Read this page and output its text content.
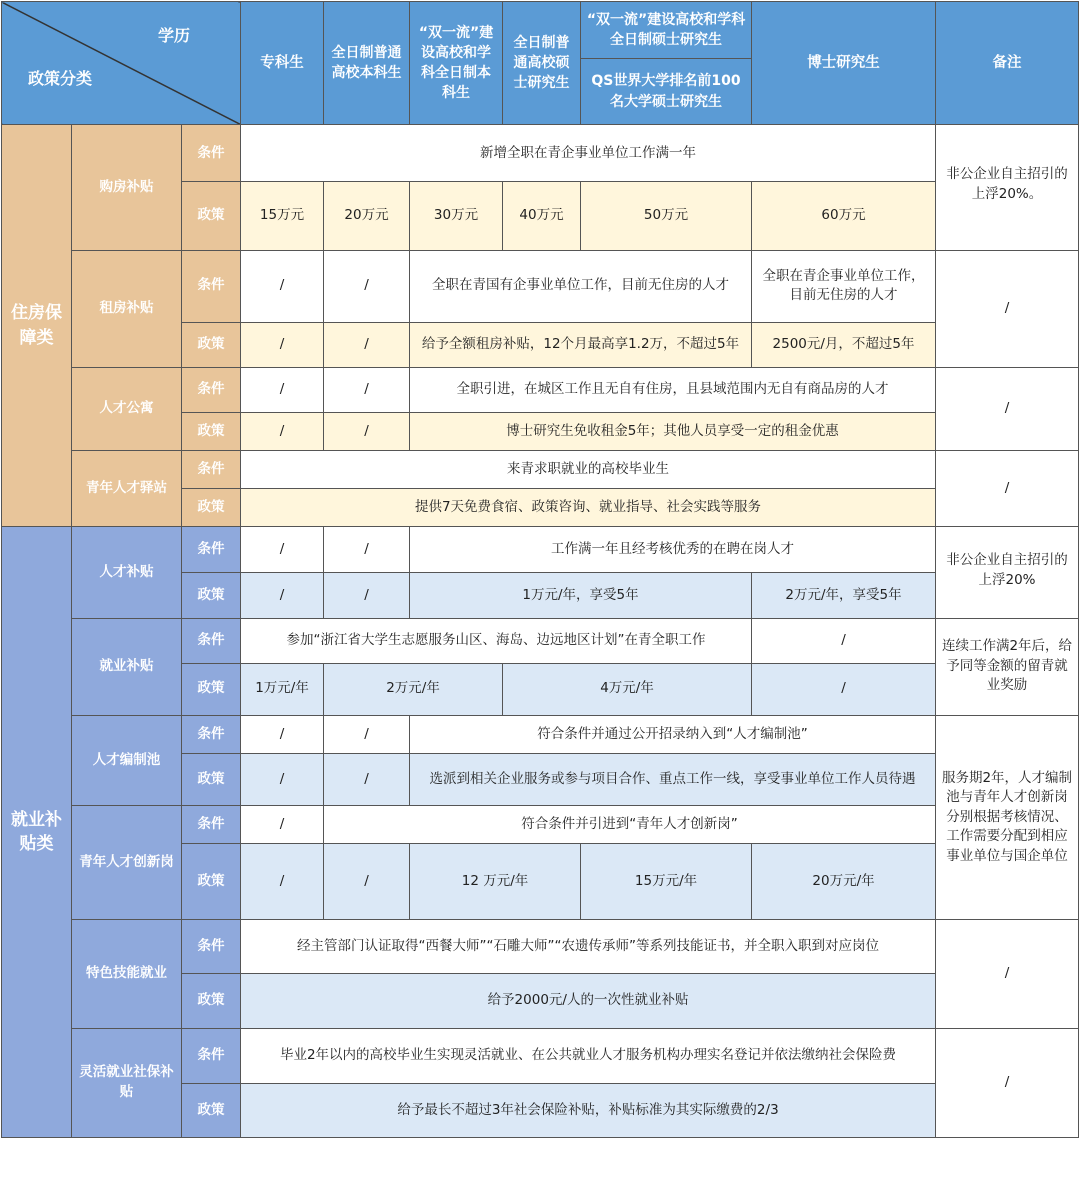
学历
政策分类			专科生	全日制普通高校本科生	“双一流”建设高校和学科全日制本科生	全日制普通高校硕士研究生	“双一流”建设高校和学科全日制硕士研究生	博士研究生	备注
							QS世界大学排名前100名大学硕士研究生		
住房保障类	购房补贴	条件	新增全职在青企事业单位工作满一年						非公企业自主招引的上浮20%。
		政策	15万元	20万元	30万元	40万元	50万元	60万元	
	租房补贴	条件	/	/	全职在青国有企事业单位工作，目前无住房的人才			全职在青企事业单位工作，目前无住房的人才	/
		政策	/	/	给予全额租房补贴，12个月最高享1.2万，不超过5年			2500元/月，不超过5年	
	人才公寓	条件	/	/	全职引进，在城区工作且无自有住房，且县域范围内无自有商品房的人才				/
		政策	/	/	博士研究生免收租金5年；其他人员享受一定的租金优惠				
	青年人才驿站	条件	来青求职就业的高校毕业生						/
		政策	提供7天免费食宿、政策咨询、就业指导、社会实践等服务						
就业补贴类	人才补贴	条件	/	/	工作满一年且经考核优秀的在聘在岗人才				非公企业自主招引的上浮20%
		政策	/	/	1万元/年，享受5年			2万元/年，享受5年	
	就业补贴	条件	参加“浙江省大学生志愿服务山区、海岛、边远地区计划”在青全职工作					/	连续工作满2年后，给予同等金额的留青就业奖励
		政策	1万元/年	2万元/年		4万元/年		/	
	人才编制池	条件	/	/	符合条件并通过公开招录纳入到“人才编制池”				服务期2年，人才编制池与青年人才创新岗分别根据考核情况、工作需要分配到相应事业单位与国企单位
		政策	/	/	选派到相关企业服务或参与项目合作、重点工作一线，享受事业单位工作人员待遇				
	青年人才创新岗	条件	/	符合条件并引进到“青年人才创新岗”					
		政策	/	/	12 万元/年		15万元/年	20万元/年	
	特色技能就业	条件	经主管部门认证取得“西餐大师”“石雕大师”“农遗传承师”等系列技能证书，并全职入职到对应岗位						/
		政策	给予2000元/人的一次性就业补贴						
	灵活就业社保补贴	条件	毕业2年以内的高校毕业生实现灵活就业、在公共就业人才服务机构办理实名登记并依法缴纳社会保险费						/
		政策	给予最长不超过3年社会保险补贴，补贴标准为其实际缴费的2/3						
